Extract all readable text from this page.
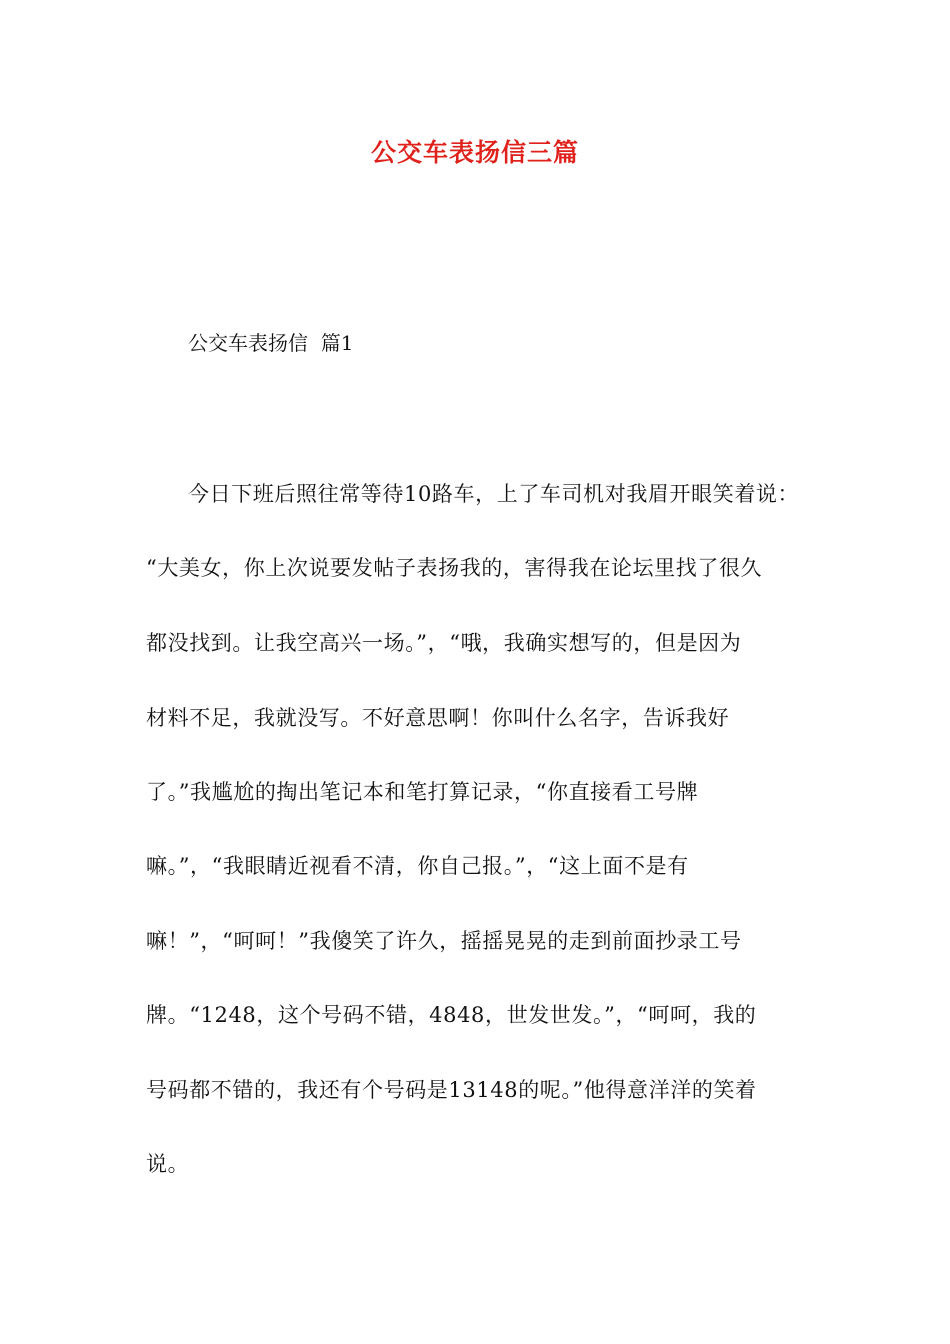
公交车表扬信三篇

公交车表扬信  篇1

今日下班后照往常等待10路车，上了车司机对我眉开眼笑着说：

“大美女，你上次说要发帖子表扬我的，害得我在论坛里找了很久

都没找到。让我空高兴一场。”，“哦，我确实想写的，但是因为

材料不足，我就没写。不好意思啊！你叫什么名字，告诉我好

了。”我尴尬的掏出笔记本和笔打算记录，“你直接看工号牌

嘛。”，“我眼睛近视看不清，你自己报。”，“这上面不是有

嘛！”，“呵呵！”我傻笑了许久，摇摇晃晃的走到前面抄录工号

牌。“1248，这个号码不错，4848，世发世发。”，“呵呵，我的

号码都不错的，我还有个号码是13148的呢。”他得意洋洋的笑着

说。
